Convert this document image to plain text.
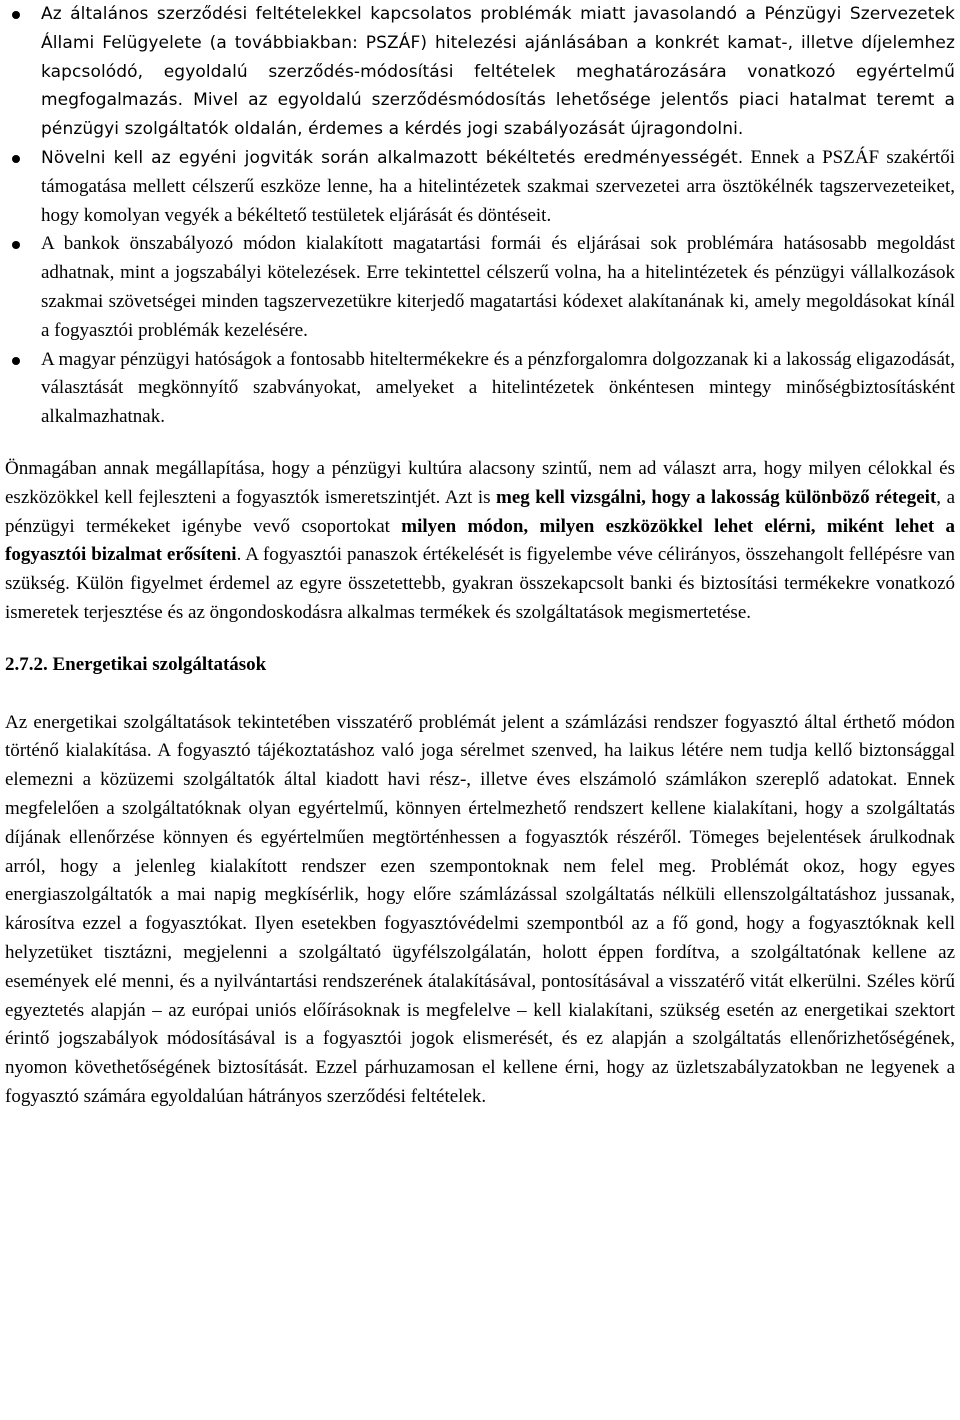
Az általános szerződési feltételekkel kapcsolatos problémák miatt javasolandó a Pénzügyi Szervezetek Állami Felügyelete (a továbbiakban: PSZÁF) hitelezési ajánlásában a konkrét kamat-, illetve díjelemhez kapcsolódó, egyoldalú szerződés-módosítási feltételek meghatározására vonatkozó egyértelmű megfogalmazás. Mivel az egyoldalú szerződésmódosítás lehetősége jelentős piaci hatalmat teremt a pénzügyi szolgáltatók oldalán, érdemes a kérdés jogi szabályozását újragondolni.
Növelni kell az egyéni jogviták során alkalmazott békéltetés eredményességét. Ennek a PSZÁF szakértői támogatása mellett célszerű eszköze lenne, ha a hitelintézetek szakmai szervezetei arra ösztökélnék tagszervezeteiket, hogy komolyan vegyék a békéltető testületek eljárását és döntéseit.
A bankok önszabályozó módon kialakított magatartási formái és eljárásai sok problémára hatásosabb megoldást adhatnak, mint a jogszabályi kötelezések. Erre tekintettel célszerű volna, ha a hitelintézetek és pénzügyi vállalkozások szakmai szövetségei minden tagszervezetükre kiterjedő magatartási kódexet alakítanának ki, amely megoldásokat kínál a fogyasztói problémák kezelésére.
A magyar pénzügyi hatóságok a fontosabb hiteltermékekre és a pénzforgalomra dolgozzanak ki a lakosság eligazodását, választását megkönnyítő szabványokat, amelyeket a hitelintézetek önkéntesen mintegy minőségbiztosításként alkalmazhatnak.

Önmagában annak megállapítása, hogy a pénzügyi kultúra alacsony szintű, nem ad választ arra, hogy milyen célokkal és eszközökkel kell fejleszteni a fogyasztók ismeretszintjét. Azt is meg kell vizsgálni, hogy a lakosság különböző rétegeit, a pénzügyi termékeket igénybe vevő csoportokat milyen módon, milyen eszközökkel lehet elérni, miként lehet a fogyasztói bizalmat erősíteni. A fogyasztói panaszok értékelését is figyelembe véve célirányos, összehangolt fellépésre van szükség. Külön figyelmet érdemel az egyre összetettebb, gyakran összekapcsolt banki és biztosítási termékekre vonatkozó ismeretek terjesztése és az öngondoskodásra alkalmas termékek és szolgáltatások megismertetése.

2.7.2. Energetikai szolgáltatások

Az energetikai szolgáltatások tekintetében visszatérő problémát jelent a számlázási rendszer fogyasztó által érthető módon történő kialakítása. A fogyasztó tájékoztatáshoz való joga sérelmet szenved, ha laikus létére nem tudja kellő biztonsággal elemezni a közüzemi szolgáltatók által kiadott havi rész-, illetve éves elszámoló számlákon szereplő adatokat. Ennek megfelelően a szolgáltatóknak olyan egyértelmű, könnyen értelmezhető rendszert kellene kialakítani, hogy a szolgáltatás díjának ellenőrzése könnyen és egyértelműen megtörténhessen a fogyasztók részéről. Tömeges bejelentések árulkodnak arról, hogy a jelenleg kialakított rendszer ezen szempontoknak nem felel meg. Problémát okoz, hogy egyes energiaszolgáltatók a mai napig megkísérlik, hogy előre számlázással szolgáltatás nélküli ellenszolgáltatáshoz jussanak, károsítva ezzel a fogyasztókat. Ilyen esetekben fogyasztóvédelmi szempontból az a fő gond, hogy a fogyasztóknak kell helyzetüket tisztázni, megjelenni a szolgáltató ügyfélszolgálatán, holott éppen fordítva, a szolgáltatónak kellene az események elé menni, és a nyilvántartási rendszerének átalakításával, pontosításával a visszatérő vitát elkerülni. Széles körű egyeztetés alapján – az európai uniós előírásoknak is megfelelve – kell kialakítani, szükség esetén az energetikai szektort érintő jogszabályok módosításával is a fogyasztói jogok elismerését, és ez alapján a szolgáltatás ellenőrizhetőségének, nyomon követhetőségének biztosítását. Ezzel párhuzamosan el kellene érni, hogy az üzletszabályzatokban ne legyenek a fogyasztó számára egyoldalúan hátrányos szerződési feltételek.
